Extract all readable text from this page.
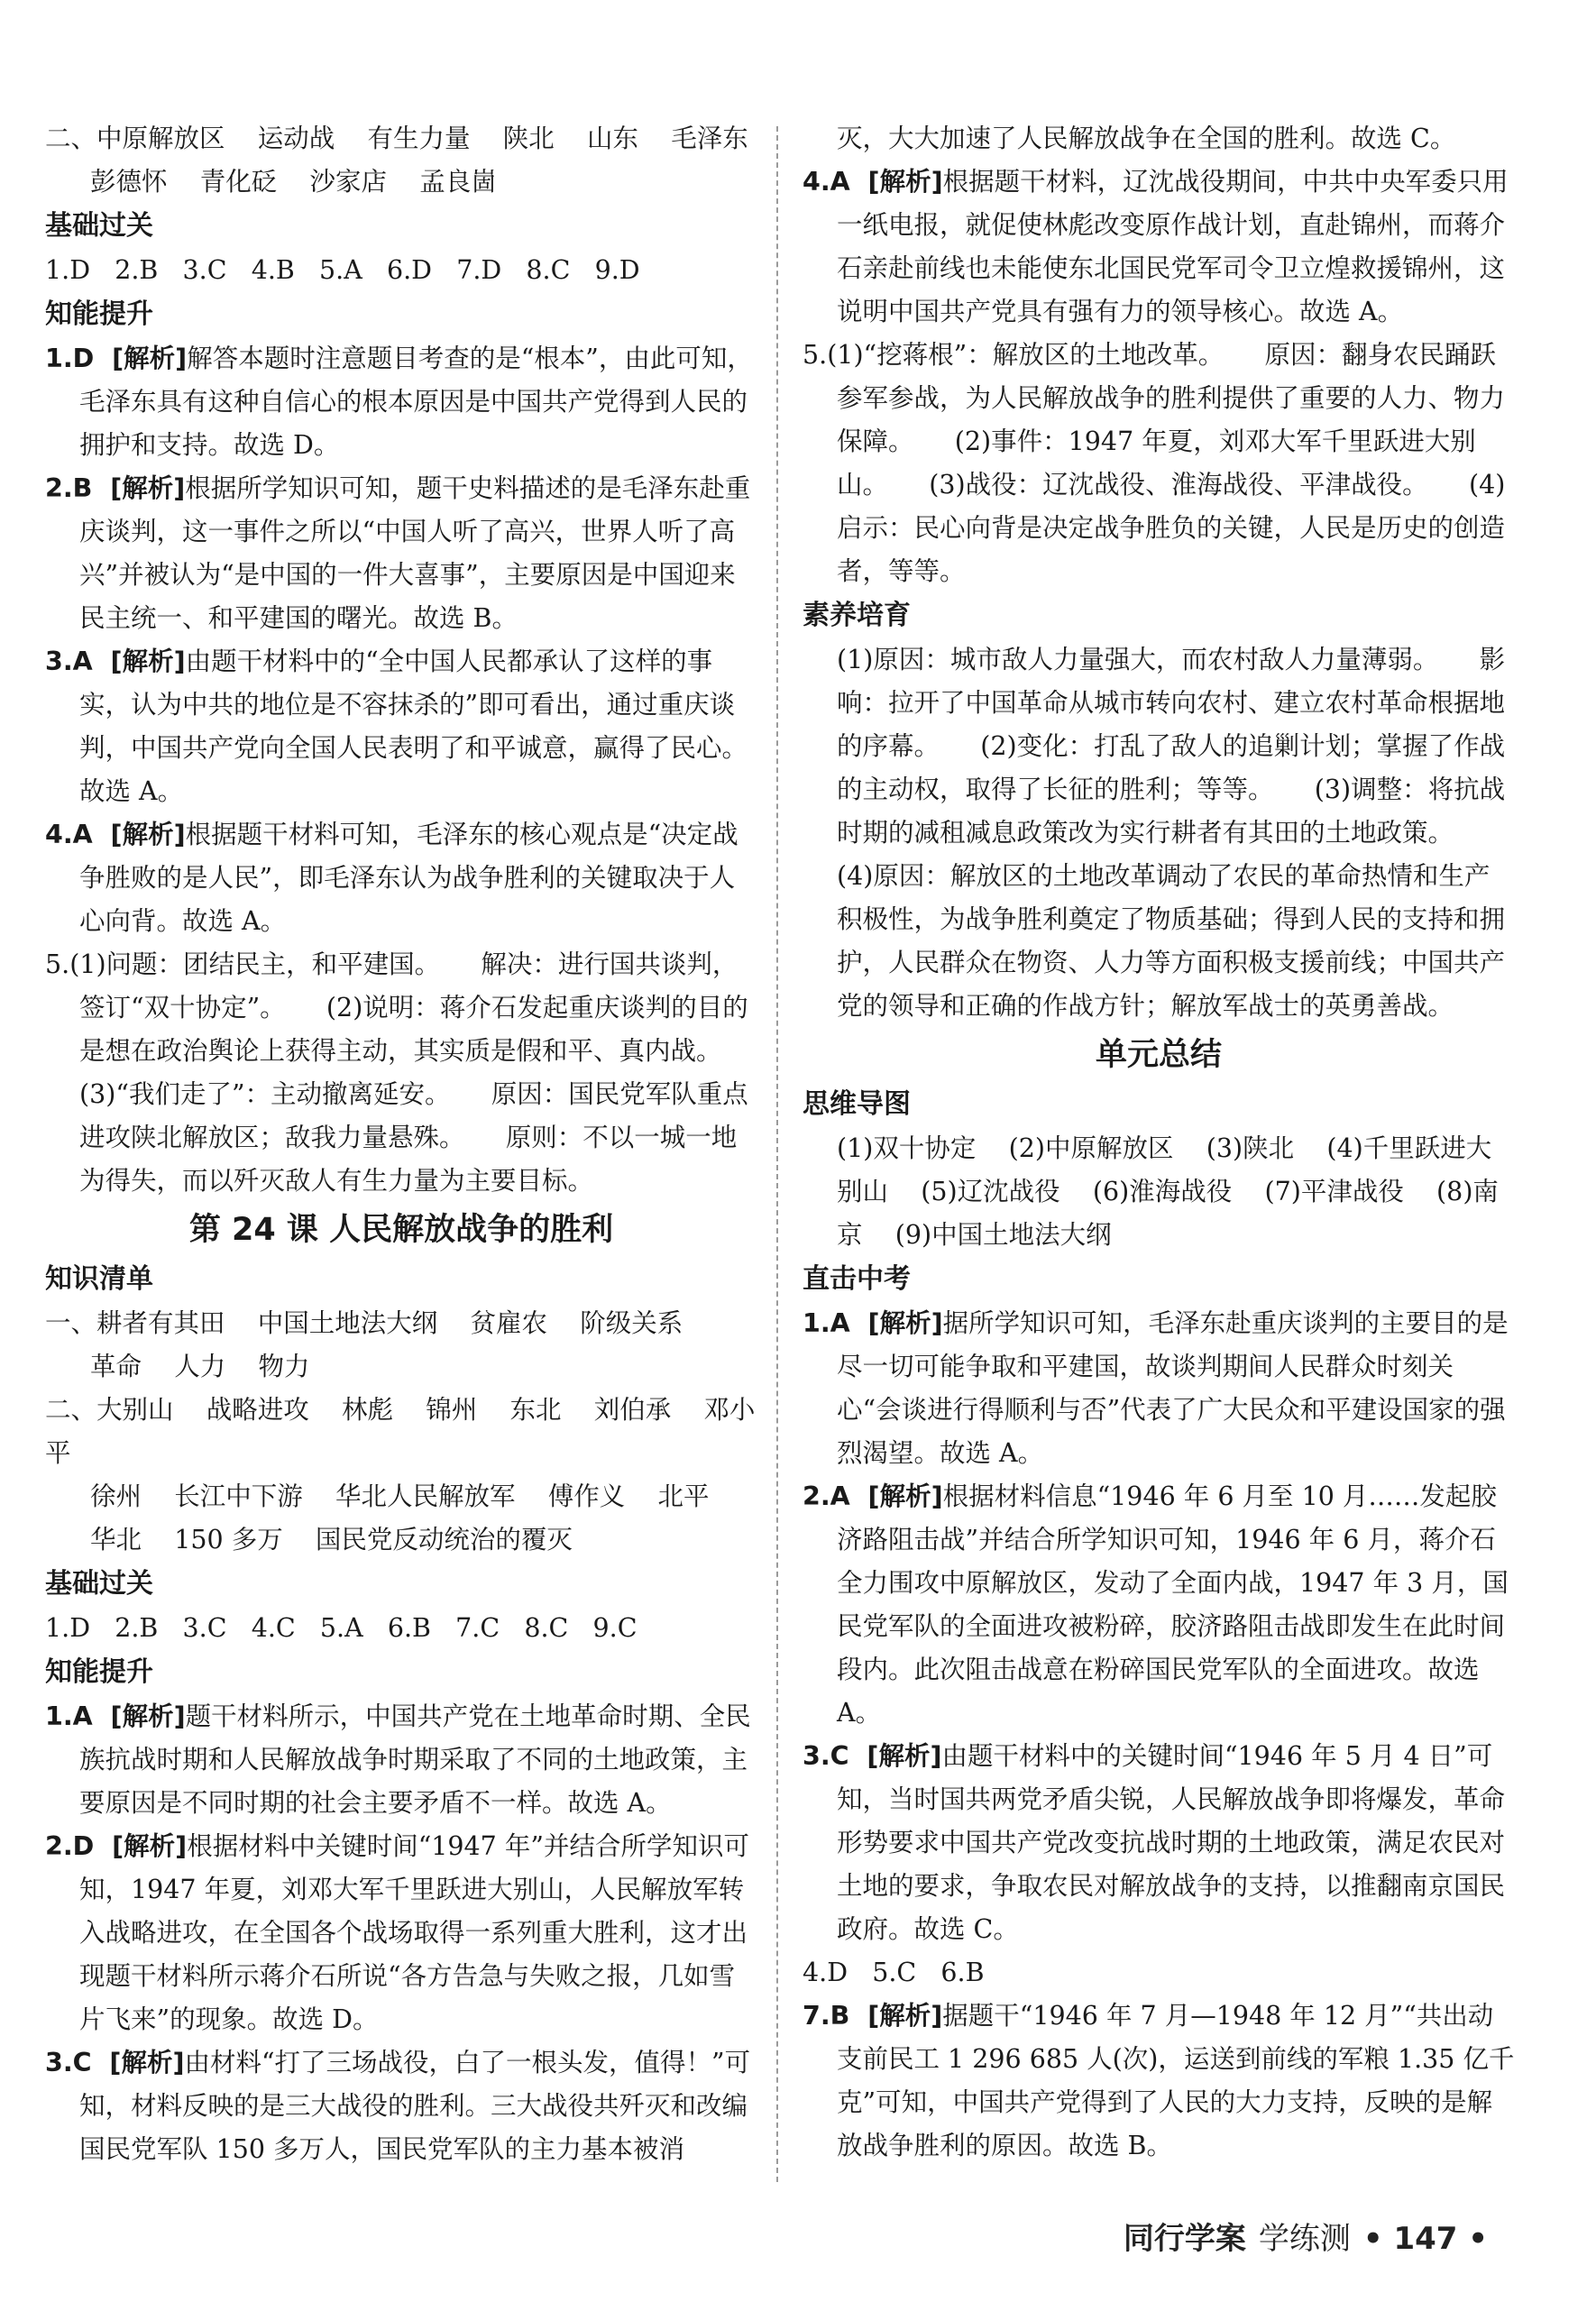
二、中原解放区    运动战    有生力量    陕北    山东    毛泽东

彭德怀    青化砭    沙家店    孟良崮

基础过关

1.D   2.B   3.C   4.B   5.A   6.D   7.D   8.C   9.D

知能提升

1.D  [解析]解答本题时注意题目考查的是“根本”，由此可知，毛泽东具有这种自信心的根本原因是中国共产党得到人民的拥护和支持。故选 D。

2.B  [解析]根据所学知识可知，题干史料描述的是毛泽东赴重庆谈判，这一事件之所以“中国人听了高兴，世界人听了高兴”并被认为“是中国的一件大喜事”，主要原因是中国迎来民主统一、和平建国的曙光。故选 B。

3.A  [解析]由题干材料中的“全中国人民都承认了这样的事实，认为中共的地位是不容抹杀的”即可看出，通过重庆谈判，中国共产党向全国人民表明了和平诚意，赢得了民心。故选 A。

4.A  [解析]根据题干材料可知，毛泽东的核心观点是“决定战争胜败的是人民”，即毛泽东认为战争胜利的关键取决于人心向背。故选 A。

5.(1)问题：团结民主，和平建国。     解决：进行国共谈判，签订“双十协定”。     (2)说明：蒋介石发起重庆谈判的目的是想在政治舆论上获得主动，其实质是假和平、真内战。

(3)“我们走了”：主动撤离延安。     原因：国民党军队重点进攻陕北解放区；敌我力量悬殊。     原则：不以一城一地为得失，而以歼灭敌人有生力量为主要目标。

第 24 课 人民解放战争的胜利

知识清单

一、耕者有其田    中国土地法大纲    贫雇农    阶级关系

革命    人力    物力

二、大别山    战略进攻    林彪    锦州    东北    刘伯承    邓小平

徐州    长江中下游    华北人民解放军    傅作义    北平

华北    150 多万    国民党反动统治的覆灭

基础过关

1.D   2.B   3.C   4.C   5.A   6.B   7.C   8.C   9.C

知能提升

1.A  [解析]题干材料所示，中国共产党在土地革命时期、全民族抗战时期和人民解放战争时期采取了不同的土地政策，主要原因是不同时期的社会主要矛盾不一样。故选 A。

2.D  [解析]根据材料中关键时间“1947 年”并结合所学知识可知，1947 年夏，刘邓大军千里跃进大别山，人民解放军转入战略进攻，在全国各个战场取得一系列重大胜利，这才出现题干材料所示蒋介石所说“各方告急与失败之报，几如雪片飞来”的现象。故选 D。

3.C  [解析]由材料“打了三场战役，白了一根头发，值得！”可知，材料反映的是三大战役的胜利。三大战役共歼灭和改编国民党军队 150 多万人，国民党军队的主力基本被消

灭，大大加速了人民解放战争在全国的胜利。故选 C。

4.A  [解析]根据题干材料，辽沈战役期间，中共中央军委只用一纸电报，就促使林彪改变原作战计划，直赴锦州，而蒋介石亲赴前线也未能使东北国民党军司令卫立煌救援锦州，这说明中国共产党具有强有力的领导核心。故选 A。

5.(1)“挖蒋根”：解放区的土地改革。     原因：翻身农民踊跃参军参战，为人民解放战争的胜利提供了重要的人力、物力保障。     (2)事件：1947 年夏，刘邓大军千里跃进大别山。     (3)战役：辽沈战役、淮海战役、平津战役。     (4)启示：民心向背是决定战争胜负的关键，人民是历史的创造者，等等。

素养培育

(1)原因：城市敌人力量强大，而农村敌人力量薄弱。     影响：拉开了中国革命从城市转向农村、建立农村革命根据地的序幕。     (2)变化：打乱了敌人的追剿计划；掌握了作战的主动权，取得了长征的胜利；等等。     (3)调整：将抗战时期的减租减息政策改为实行耕者有其田的土地政策。

(4)原因：解放区的土地改革调动了农民的革命热情和生产积极性，为战争胜利奠定了物质基础；得到人民的支持和拥护，人民群众在物资、人力等方面积极支援前线；中国共产党的领导和正确的作战方针；解放军战士的英勇善战。

单元总结

思维导图

(1)双十协定    (2)中原解放区    (3)陕北    (4)千里跃进大别山    (5)辽沈战役    (6)淮海战役    (7)平津战役    (8)南京    (9)中国土地法大纲

直击中考

1.A  [解析]据所学知识可知，毛泽东赴重庆谈判的主要目的是尽一切可能争取和平建国，故谈判期间人民群众时刻关心“会谈进行得顺利与否”代表了广大民众和平建设国家的强烈渴望。故选 A。

2.A  [解析]根据材料信息“1946 年 6 月至 10 月……发起胶济路阻击战”并结合所学知识可知，1946 年 6 月，蒋介石全力围攻中原解放区，发动了全面内战，1947 年 3 月，国民党军队的全面进攻被粉碎，胶济路阻击战即发生在此时间段内。此次阻击战意在粉碎国民党军队的全面进攻。故选 A。

3.C  [解析]由题干材料中的关键时间“1946 年 5 月 4 日”可知，当时国共两党矛盾尖锐，人民解放战争即将爆发，革命形势要求中国共产党改变抗战时期的土地政策，满足农民对土地的要求，争取农民对解放战争的支持，以推翻南京国民政府。故选 C。

4.D   5.C   6.B

7.B  [解析]据题干“1946 年 7 月—1948 年 12 月”“共出动支前民工 1 296 685 人(次)，运送到前线的军粮 1.35 亿千克”可知，中国共产党得到了人民的大力支持，反映的是解放战争胜利的原因。故选 B。

同行学案 学练测 • 147 •
